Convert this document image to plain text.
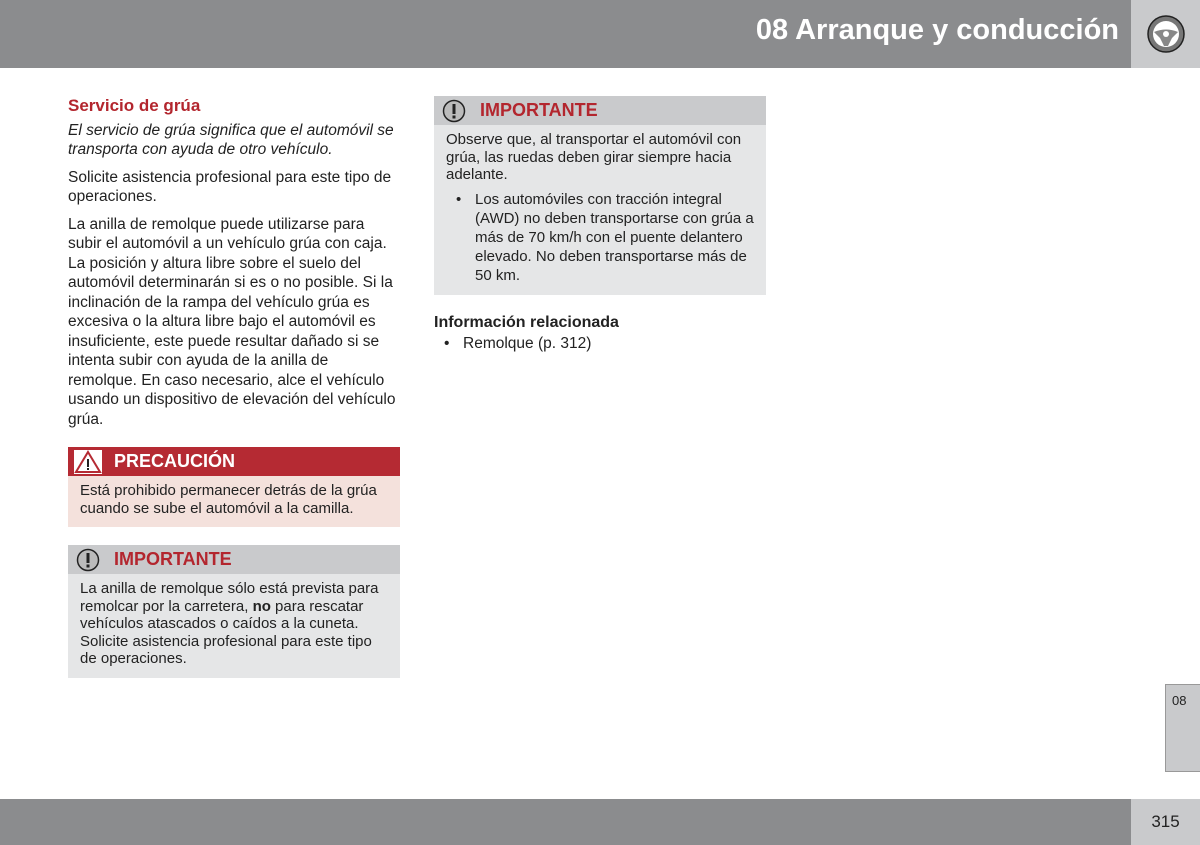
08 Arranque y conducción
Servicio de grúa

El servicio de grúa significa que el automóvil se transporta con ayuda de otro vehículo.

Solicite asistencia profesional para este tipo de operaciones.

La anilla de remolque puede utilizarse para subir el automóvil a un vehículo grúa con caja. La posición y altura libre sobre el suelo del automóvil determinarán si es o no posible. Si la inclinación de la rampa del vehículo grúa es excesiva o la altura libre bajo el automóvil es insuficiente, este puede resultar dañado si se intenta subir con ayuda de la anilla de remolque. En caso necesario, alce el vehículo usando un dispositivo de elevación del vehículo grúa.

PRECAUCIÓN
Está prohibido permanecer detrás de la grúa cuando se sube el automóvil a la camilla.
IMPORTANTE
La anilla de remolque sólo está prevista para remolcar por la carretera, no para rescatar vehículos atascados o caídos a la cuneta. Solicite asistencia profesional para este tipo de operaciones.
IMPORTANTE
Observe que, al transportar el automóvil con grúa, las ruedas deben girar siempre hacia adelante.
• Los automóviles con tracción integral (AWD) no deben transportarse con grúa a más de 70 km/h con el puente delantero elevado. No deben transportarse más de 50 km.
Información relacionada
• Remolque (p. 312)
08
315
